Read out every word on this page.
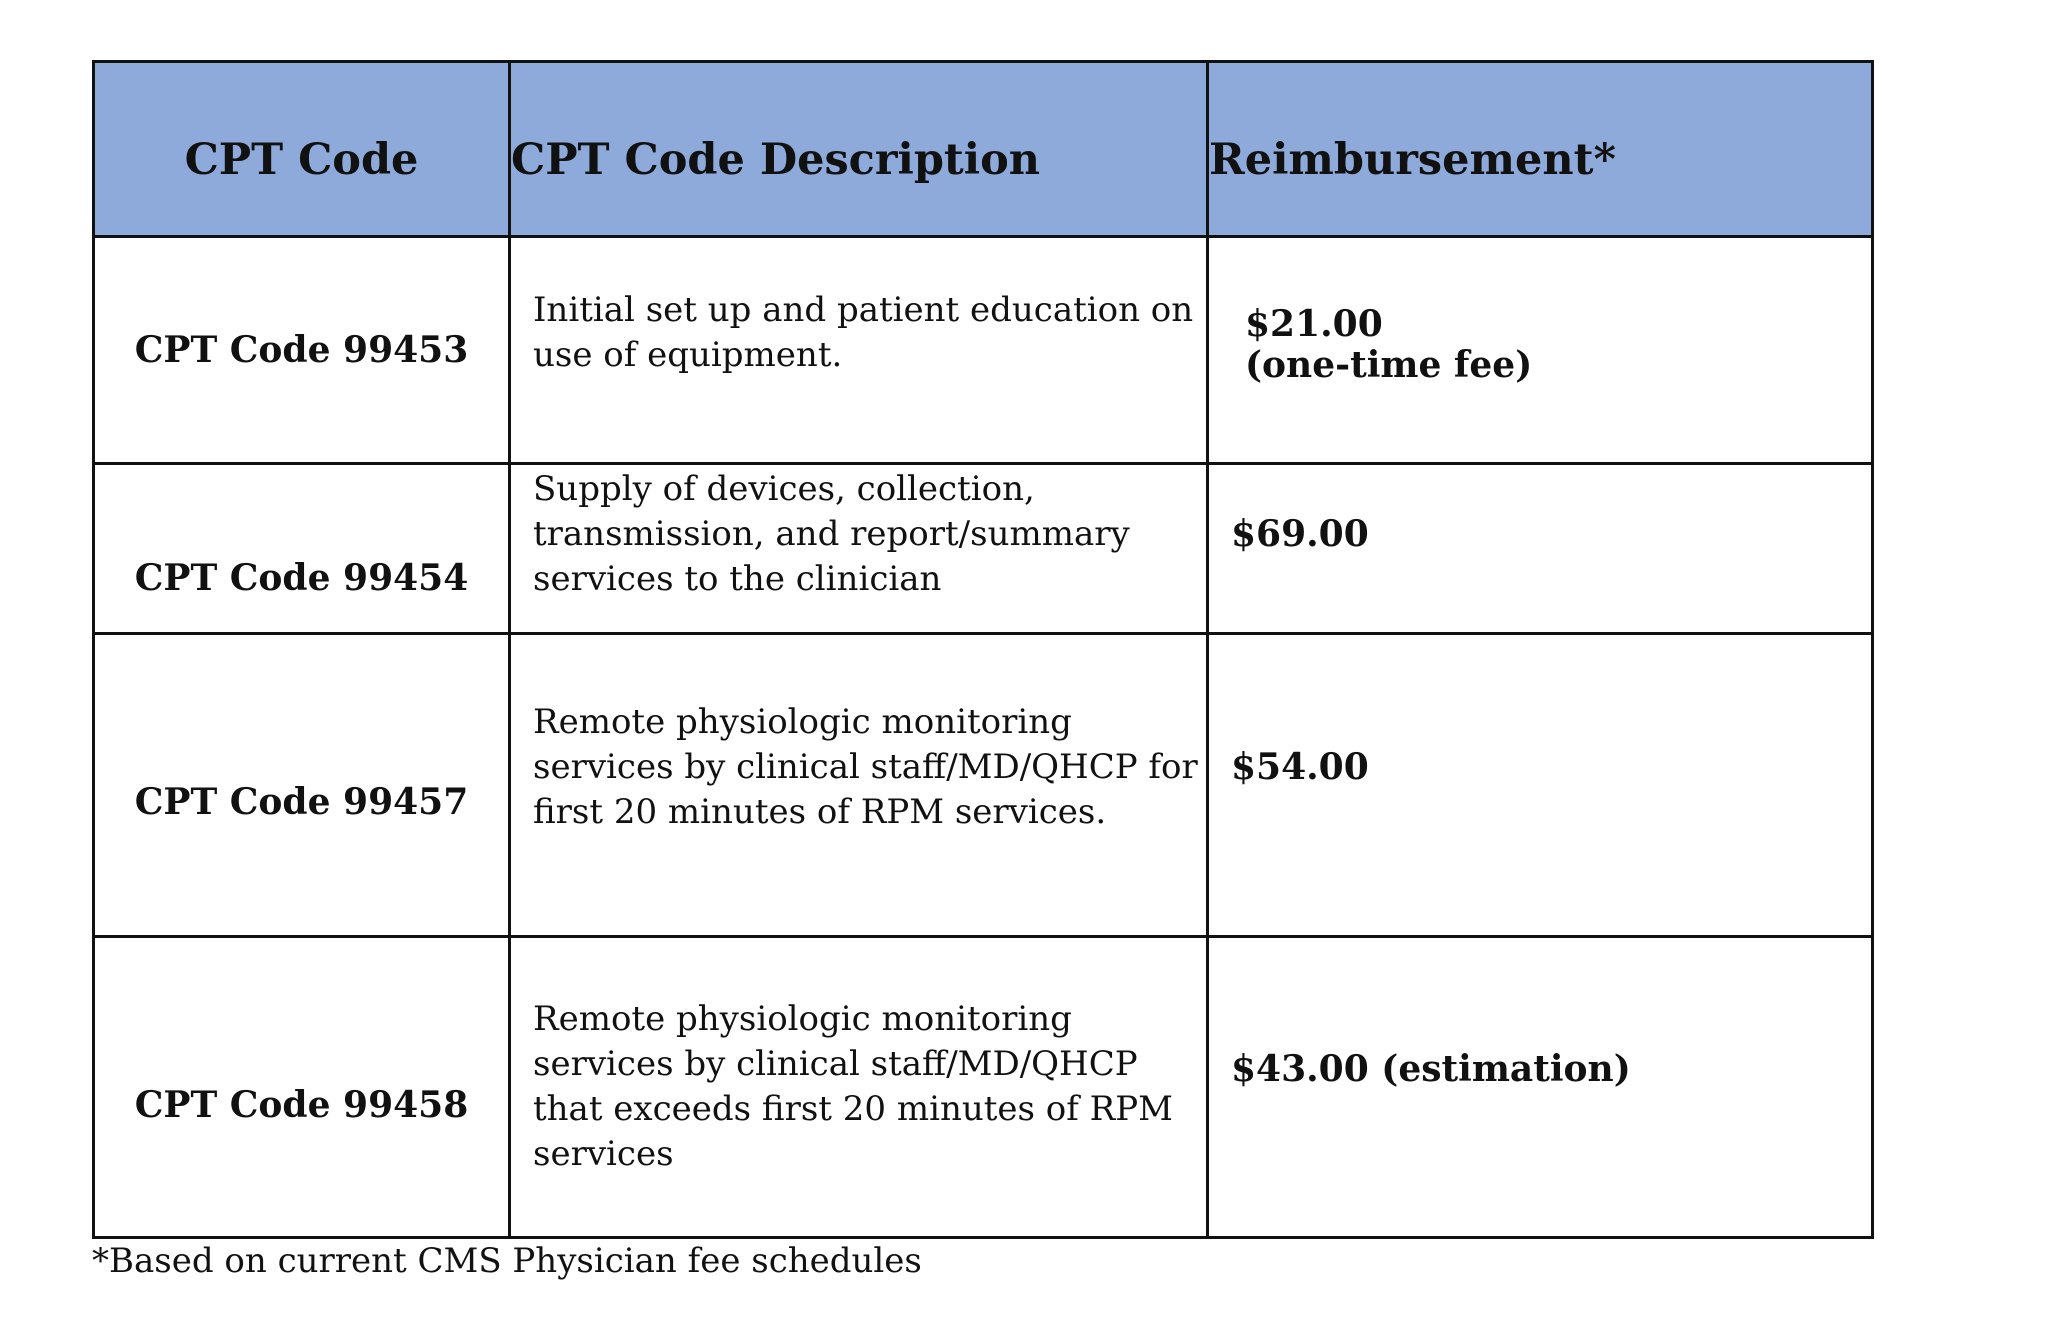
CPT Code	CPT Code Description	Reimbursement*
CPT Code 99453	Initial set up and patient education on use of equipment.	$21.00
(one-time fee)

CPT Code 99454	Supply of devices, collection, transmission, and report/summary services to the clinician	$69.00

CPT Code 99457	Remote physiologic monitoring services by clinical staff/MD/QHCP for first 20 minutes of RPM services.	$54.00

CPT Code 99458	Remote physiologic monitoring services by clinical staff/MD/QHCP that exceeds first 20 minutes of RPM services	$43.00 (estimation)
*Based on current CMS Physician fee schedules
